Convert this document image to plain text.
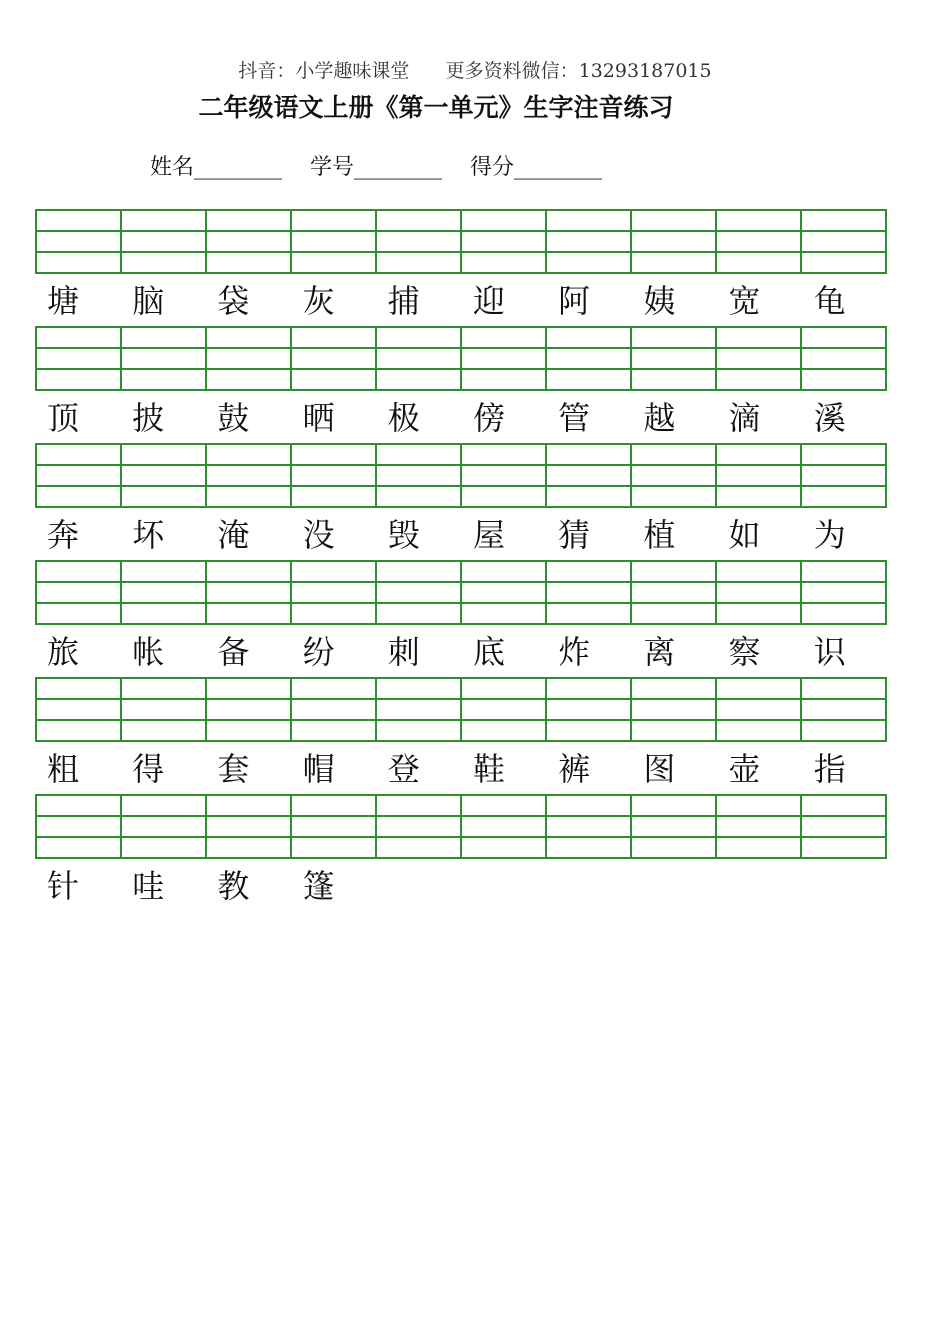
抖音：小学趣味课堂      更多资料微信：13293187015
二年级语文上册《第一单元》生字注音练习
姓名________ 学号________ 得分________
塘	脑	袋	灰	捕	迎	阿	姨	宽	龟
顶	披	鼓	晒	极	傍	管	越	滴	溪
奔	坏	淹	没	毁	屋	猜	植	如	为
旅	帐	备	纷	刺	底	炸	离	察	识
粗	得	套	帽	登	鞋	裤	图	壶	指
针	哇	教	篷
